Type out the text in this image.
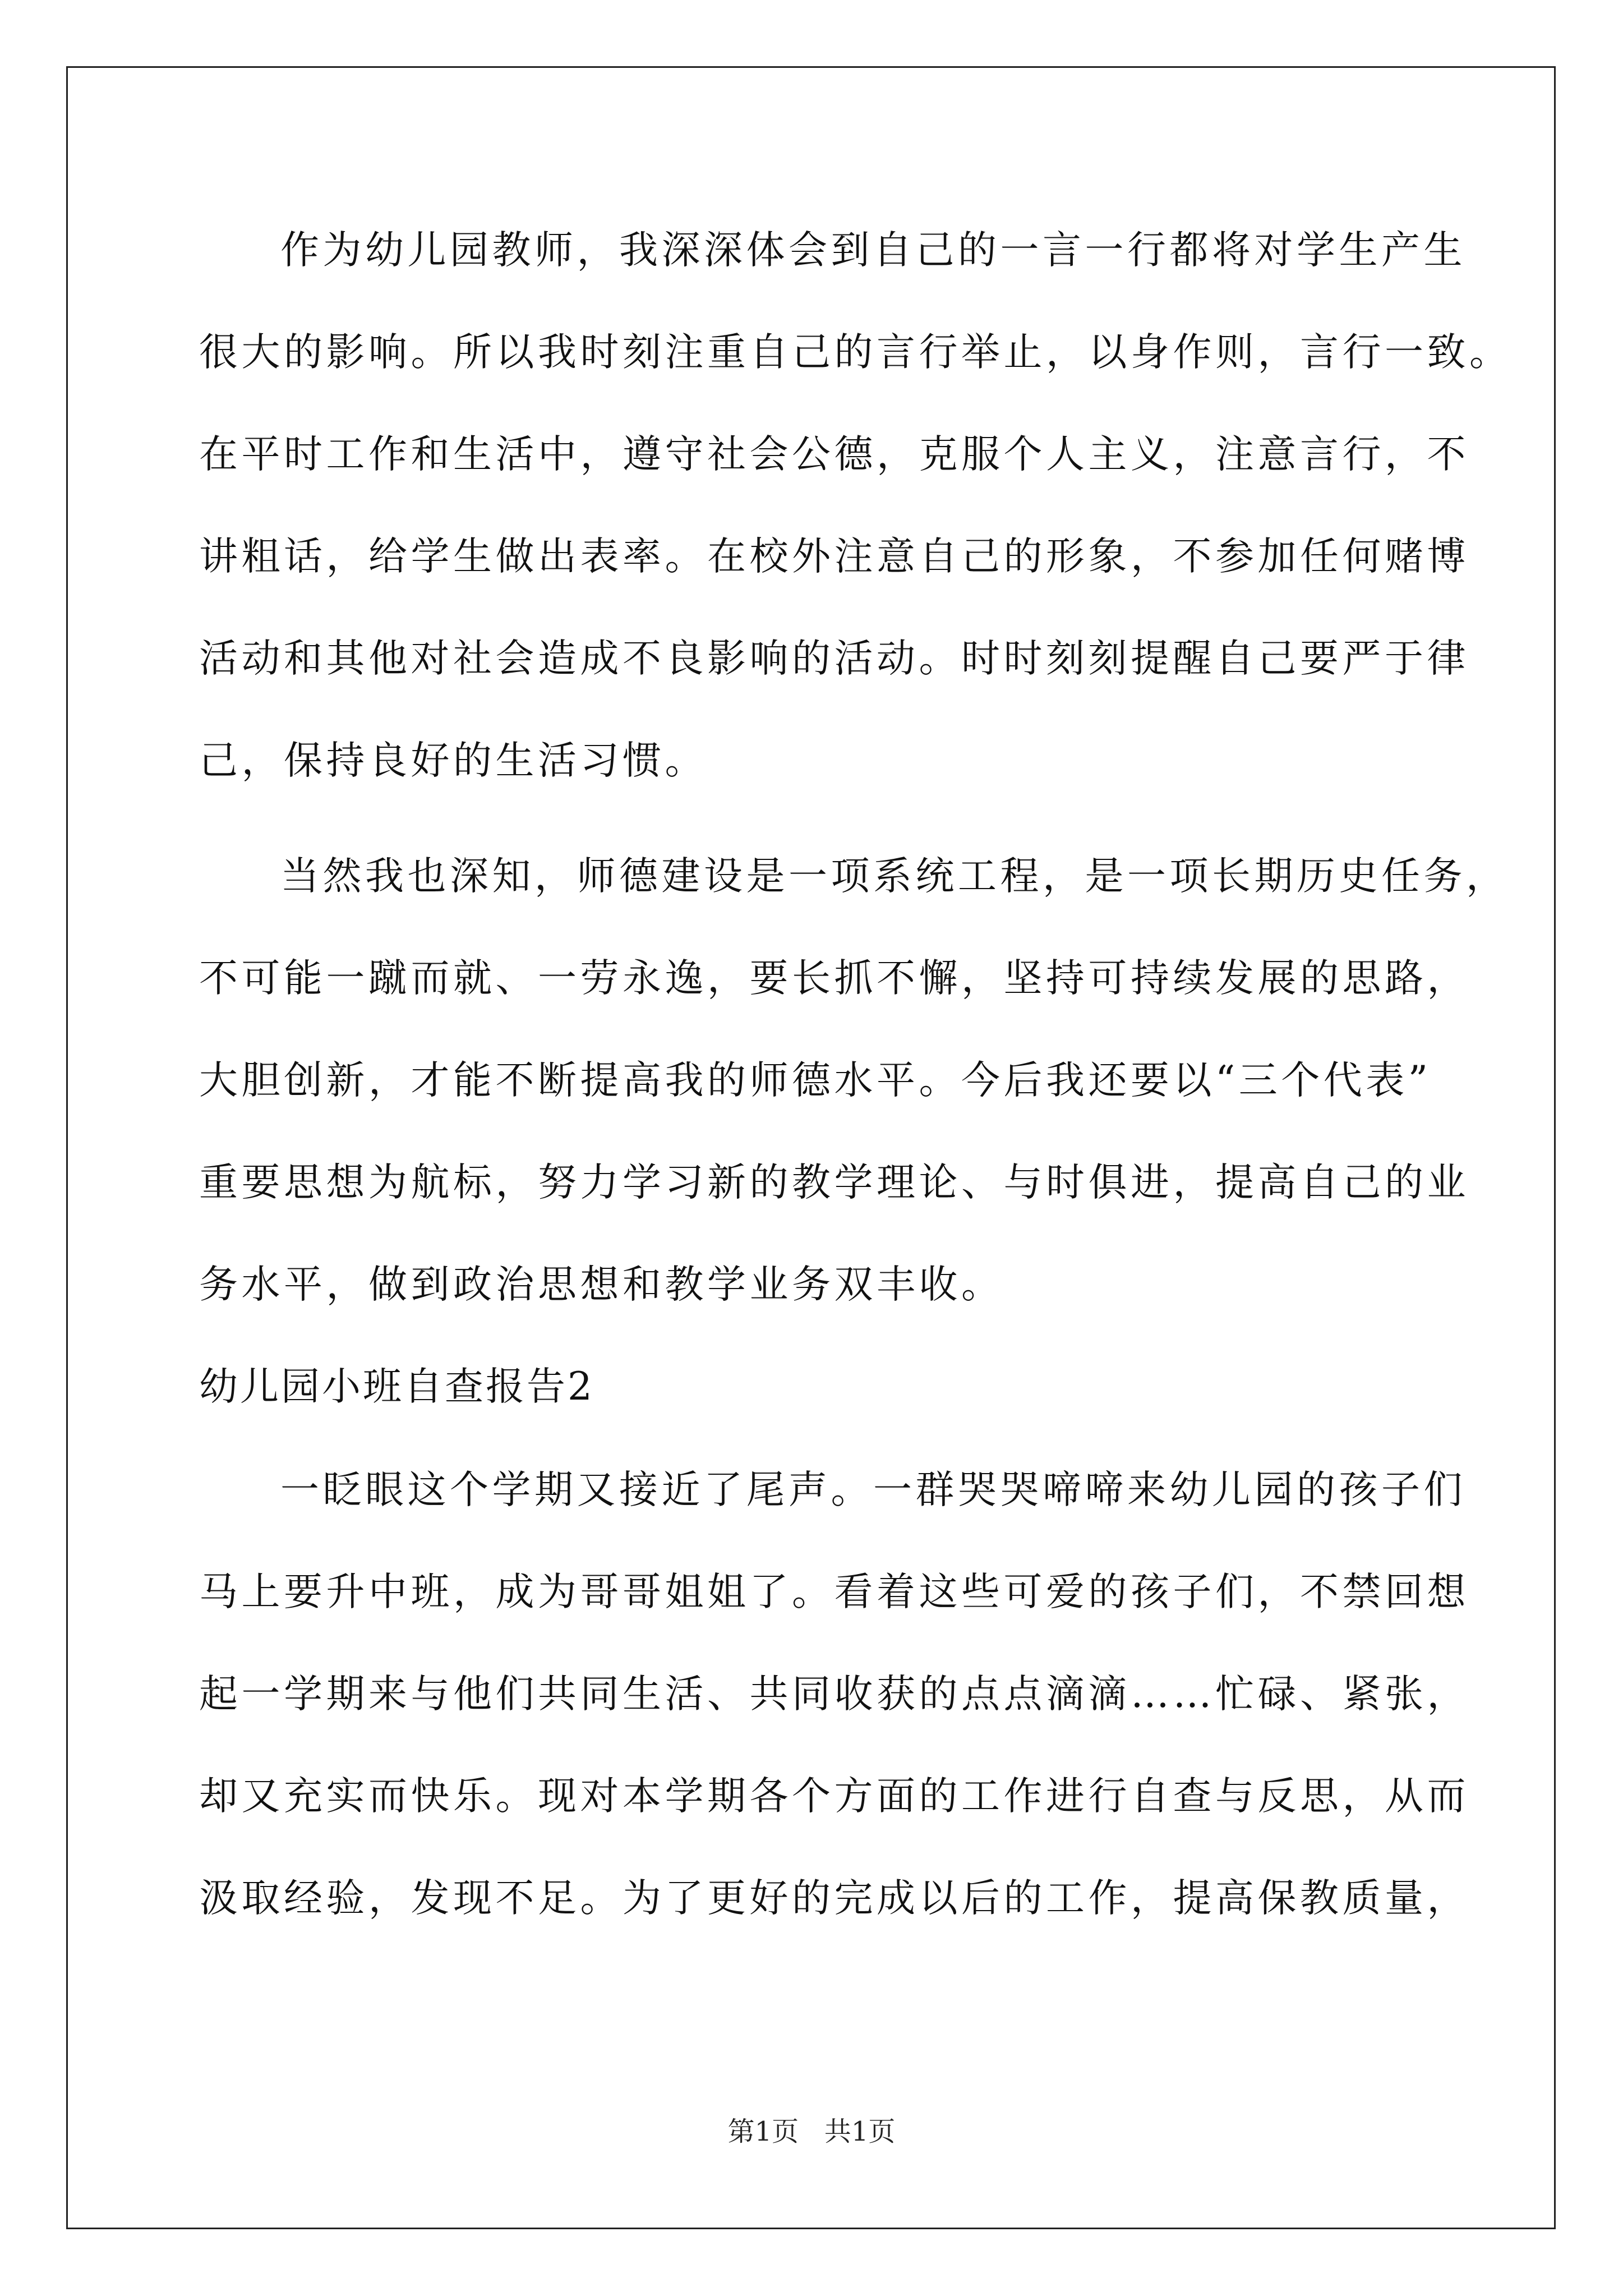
作为幼儿园教师，我深深体会到自己的一言一行都将对学生产生
很大的影响。所以我时刻注重自己的言行举止，以身作则，言行一致。
在平时工作和生活中，遵守社会公德，克服个人主义，注意言行，不
讲粗话，给学生做出表率。在校外注意自己的形象，不参加任何赌博
活动和其他对社会造成不良影响的活动。时时刻刻提醒自己要严于律
己，保持良好的生活习惯。
当然我也深知，师德建设是一项系统工程，是一项长期历史任务，
不可能一蹴而就、一劳永逸，要长抓不懈，坚持可持续发展的思路，
大胆创新，才能不断提高我的师德水平。今后我还要以“三个代表”
重要思想为航标，努力学习新的教学理论、与时俱进，提高自己的业
务水平，做到政治思想和教学业务双丰收。
幼儿园小班自查报告2
一眨眼这个学期又接近了尾声。一群哭哭啼啼来幼儿园的孩子们
马上要升中班，成为哥哥姐姐了。看着这些可爱的孩子们，不禁回想
起一学期来与他们共同生活、共同收获的点点滴滴……忙碌、紧张，
却又充实而快乐。现对本学期各个方面的工作进行自查与反思，从而
汲取经验，发现不足。为了更好的完成以后的工作，提高保教质量，
第1页   共1页
